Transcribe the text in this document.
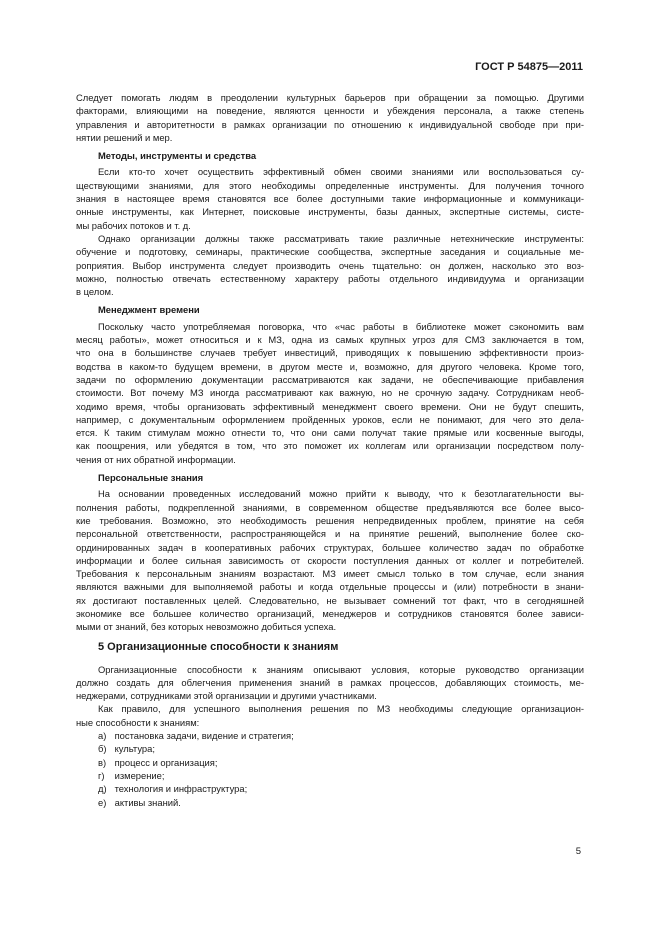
ГОСТ Р 54875—2011
Следует помогать людям в преодолении культурных барьеров при обращении за помощью. Другими
факторами, влияющими на поведение, являются ценности и убеждения персонала, а также степень
управления и авторитетности в рамках организации по отношению к индивидуальной свободе при при-
нятии решений и мер.
Методы, инструменты и средства
Если кто-то хочет осуществить эффективный обмен своими знаниями или воспользоваться су-
ществующими знаниями, для этого необходимы определенные инструменты. Для получения точного
знания в настоящее время становятся все более доступными такие информационные и коммуникаци-
онные инструменты, как Интернет, поисковые инструменты, базы данных, экспертные системы, систе-
мы рабочих потоков и т. д.
Однако организации должны также рассматривать такие различные нетехнические инструменты:
обучение и подготовку, семинары, практические сообщества, экспертные заседания и социальные ме-
роприятия. Выбор инструмента следует производить очень тщательно: он должен, насколько это воз-
можно, полностью отвечать естественному характеру работы отдельного индивидуума и организации
в целом.
Менеджмент времени
Поскольку часто употребляемая поговорка, что «час работы в библиотеке может сэкономить вам
месяц работы», может относиться и к МЗ, одна из самых крупных угроз для СМЗ заключается в том,
что она в большинстве случаев требует инвестиций, приводящих к повышению эффективности произ-
водства в каком-то будущем времени, в другом месте и, возможно, для другого человека. Кроме того,
задачи по оформлению документации рассматриваются как задачи, не обеспечивающие прибавления
стоимости. Вот почему МЗ иногда рассматривают как важную, но не срочную задачу. Сотрудникам необ-
ходимо время, чтобы организовать эффективный менеджмент своего времени. Они не будут спешить,
например, с документальным оформлением пройденных уроков, если не понимают, для чего это дела-
ется. К таким стимулам можно отнести то, что они сами получат такие прямые или косвенные выгоды,
как поощрения, или убедятся в том, что это поможет их коллегам или организации посредством полу-
чения от них обратной информации.
Персональные знания
На основании проведенных исследований можно прийти к выводу, что к безотлагательности вы-
полнения работы, подкрепленной знаниями, в современном обществе предъявляются все более высо-
кие требования. Возможно, это необходимость решения непредвиденных проблем, принятие на себя
персональной ответственности, распространяющейся и на принятие решений, выполнение более ско-
ординированных задач в кооперативных рабочих структурах, большее количество задач по обработке
информации и более сильная зависимость от скорости поступления данных от коллег и потребителей.
Требования к персональным знаниям возрастают. МЗ имеет смысл только в том случае, если знания
являются важными для выполняемой работы и когда отдельные процессы и (или) потребности в знани-
ях достигают поставленных целей. Следовательно, не вызывает сомнений тот факт, что в сегодняшней
экономике все большее количество организаций, менеджеров и сотрудников становятся более зависи-
мыми от знаний, без которых невозможно добиться успеха.
5 Организационные способности к знаниям
Организационные способности к знаниям описывают условия, которые руководство организации
должно создать для облегчения применения знаний в рамках процессов, добавляющих стоимость, ме-
неджерами, сотрудниками этой организации и другими участниками.
Как правило, для успешного выполнения решения по МЗ необходимы следующие организацион-
ные способности к знаниям:
а) постановка задачи, видение и стратегия;
б) культура;
в) процесс и организация;
г) измерение;
д) технология и инфраструктура;
е) активы знаний.
5
